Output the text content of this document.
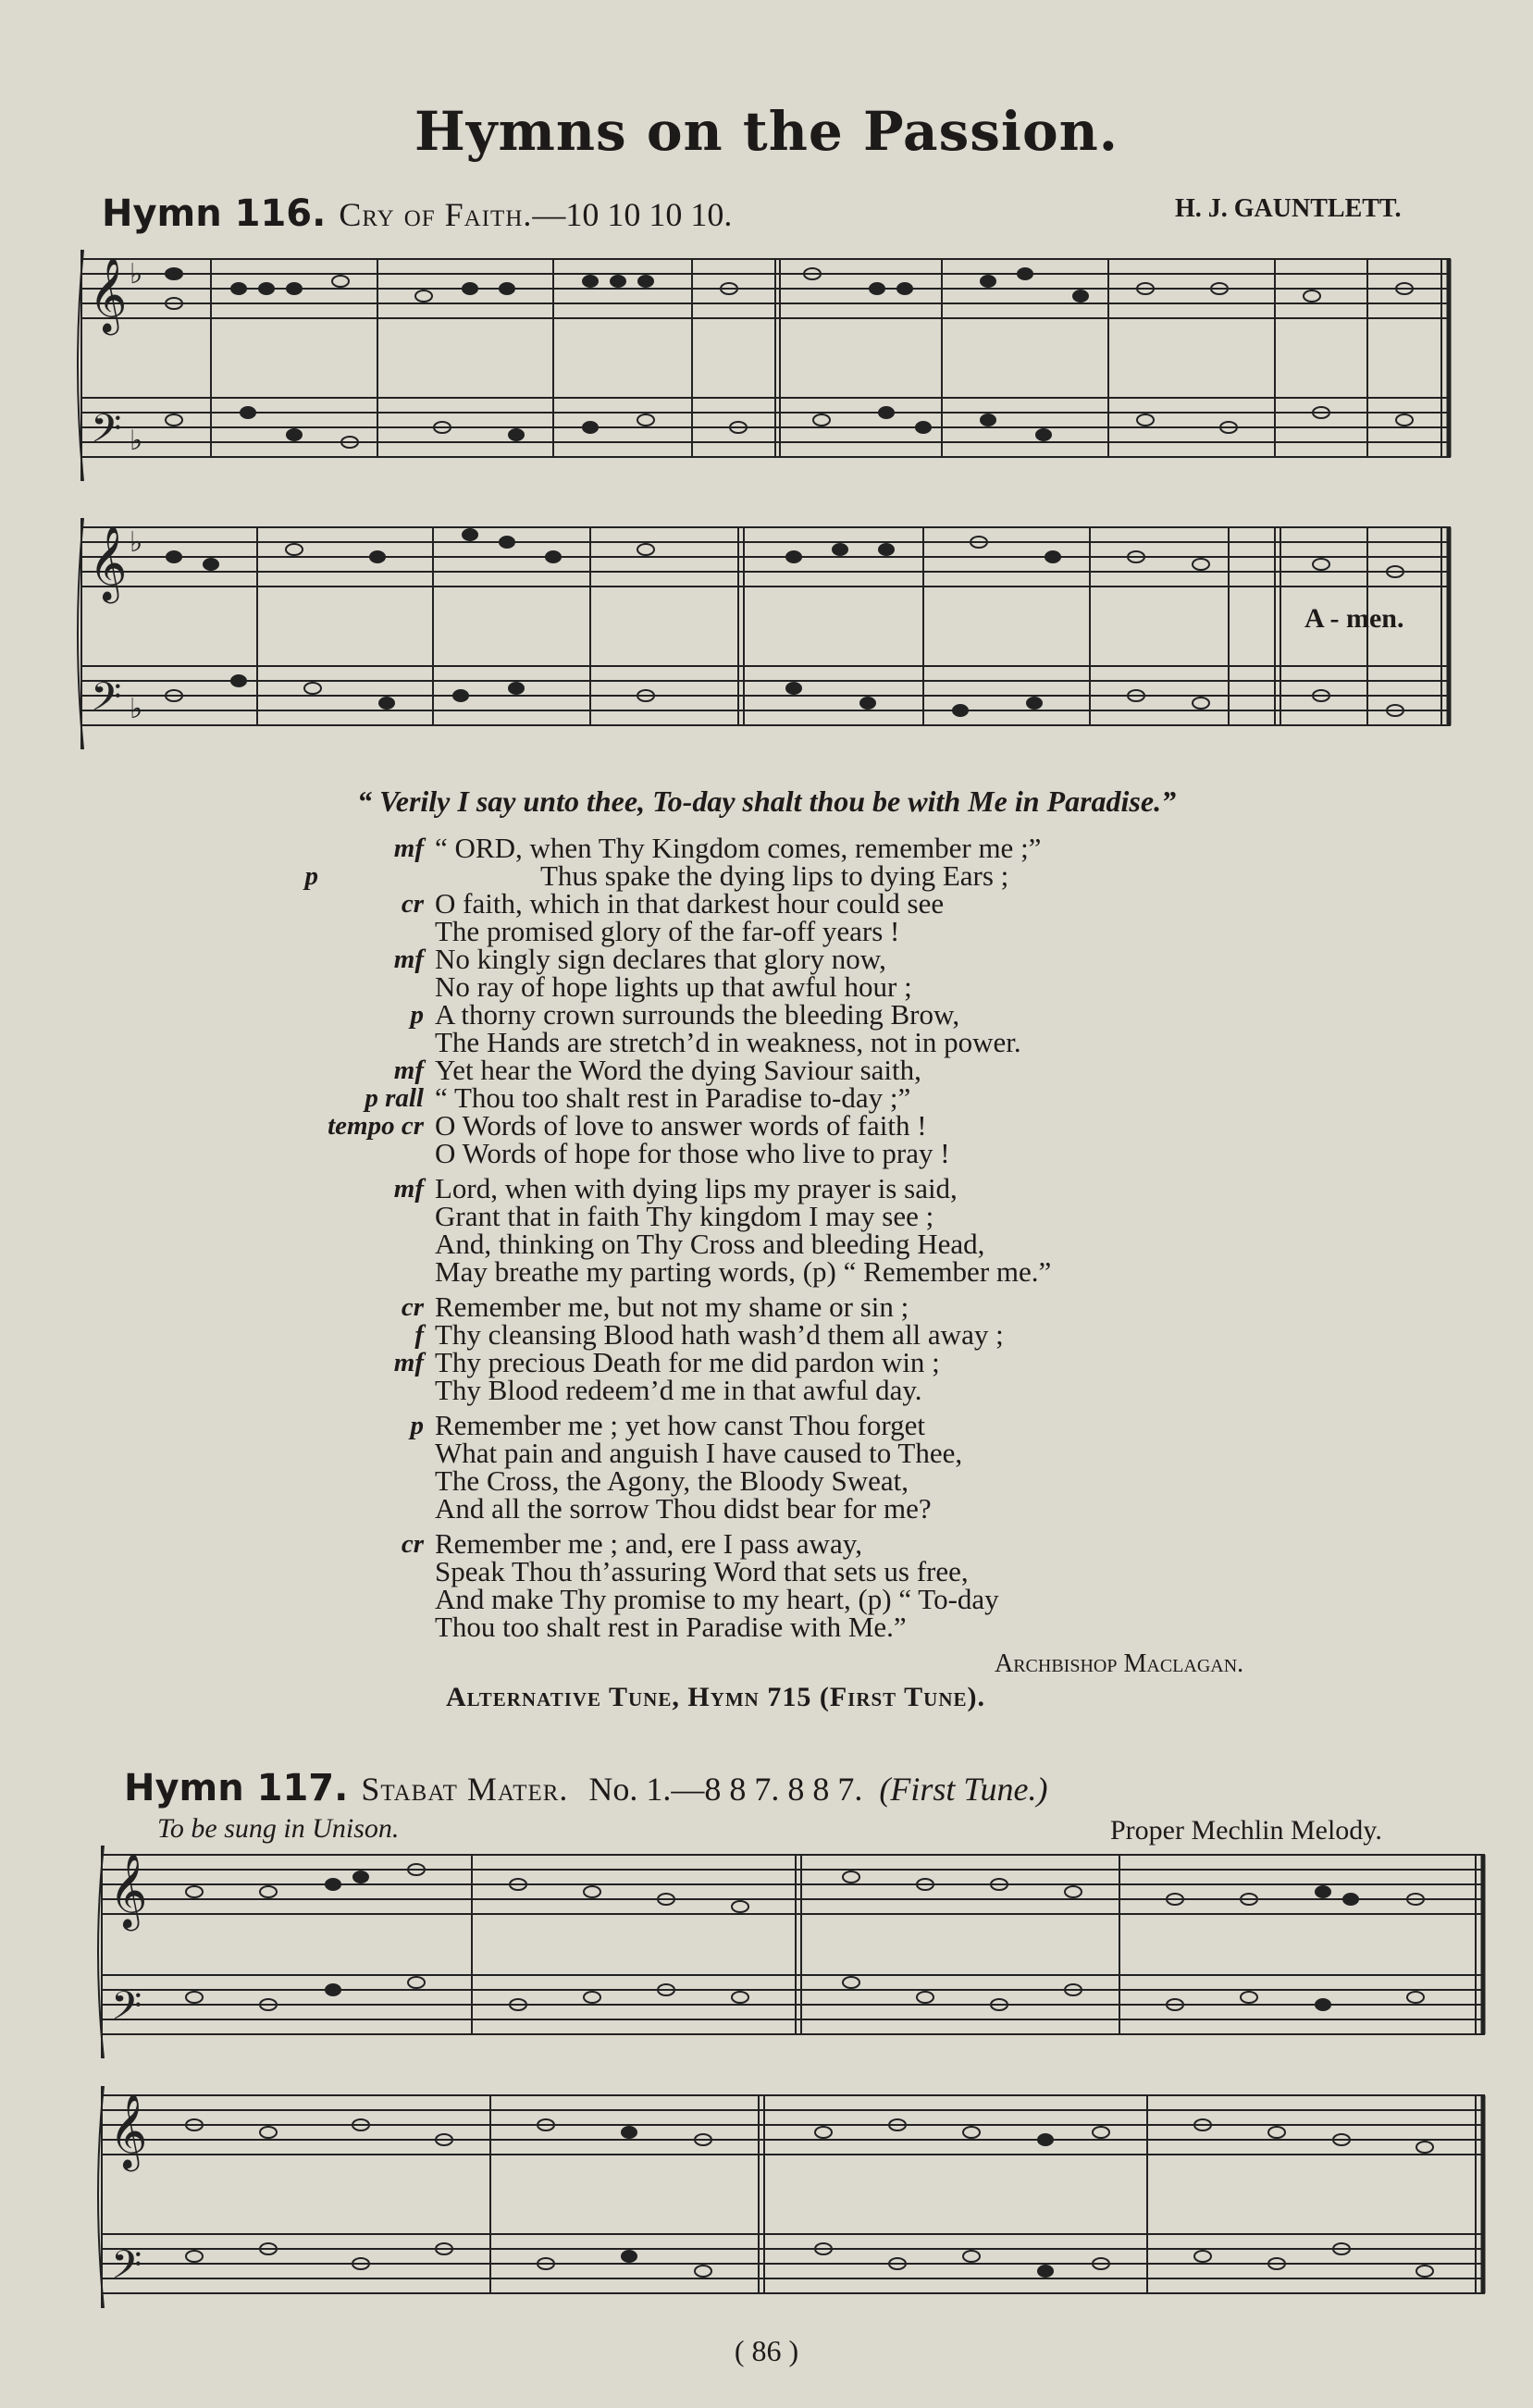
Hymns on the Passion.
Hymn 116. Cry of Faith.—10 10 10 10.	H. J. GAUNTLETT.
𝄞
𝄢
♭
♭
𝄞
𝄢
♭
♭
A - men.
“ Verily I say unto thee, To-day shalt thou be with Me in Paradise.”
mf “ ORD, when Thy Kingdom comes, remember me ;”
p	Thus spake the dying lips to dying Ears ;
cr O faith, which in that darkest hour could see
The promised glory of the far-off years !
mf No kingly sign declares that glory now,
No ray of hope lights up that awful hour ;
p A thorny crown surrounds the bleeding Brow,
The Hands are stretch’d in weakness, not in power.
mf Yet hear the Word the dying Saviour saith,
p rall “ Thou too shalt rest in Paradise to-day ;”
tempo cr O Words of love to answer words of faith !
O Words of hope for those who live to pray !
mf Lord, when with dying lips my prayer is said,
Grant that in faith Thy kingdom I may see ;
And, thinking on Thy Cross and bleeding Head,
May breathe my parting words, (p) “ Remember me.”
cr Remember me, but not my shame or sin ;
f Thy cleansing Blood hath wash’d them all away ;
mf Thy precious Death for me did pardon win ;
Thy Blood redeem’d me in that awful day.
p Remember me ; yet how canst Thou forget
What pain and anguish I have caused to Thee,
The Cross, the Agony, the Bloody Sweat,
And all the sorrow Thou didst bear for me?
cr Remember me ; and, ere I pass away,
Speak Thou th’assuring Word that sets us free,
And make Thy promise to my heart, (p) “ To-day
Thou too shalt rest in Paradise with Me.”
Archbishop Maclagan.
Alternative Tune, Hymn 715 (First Tune).
Hymn 117. Stabat Mater. No. 1.—8 8 7. 8 8 7. (First Tune.)
To be sung in Unison.	Proper Mechlin Melody.
𝄞
𝄢
𝄞
𝄢
( 86 )
